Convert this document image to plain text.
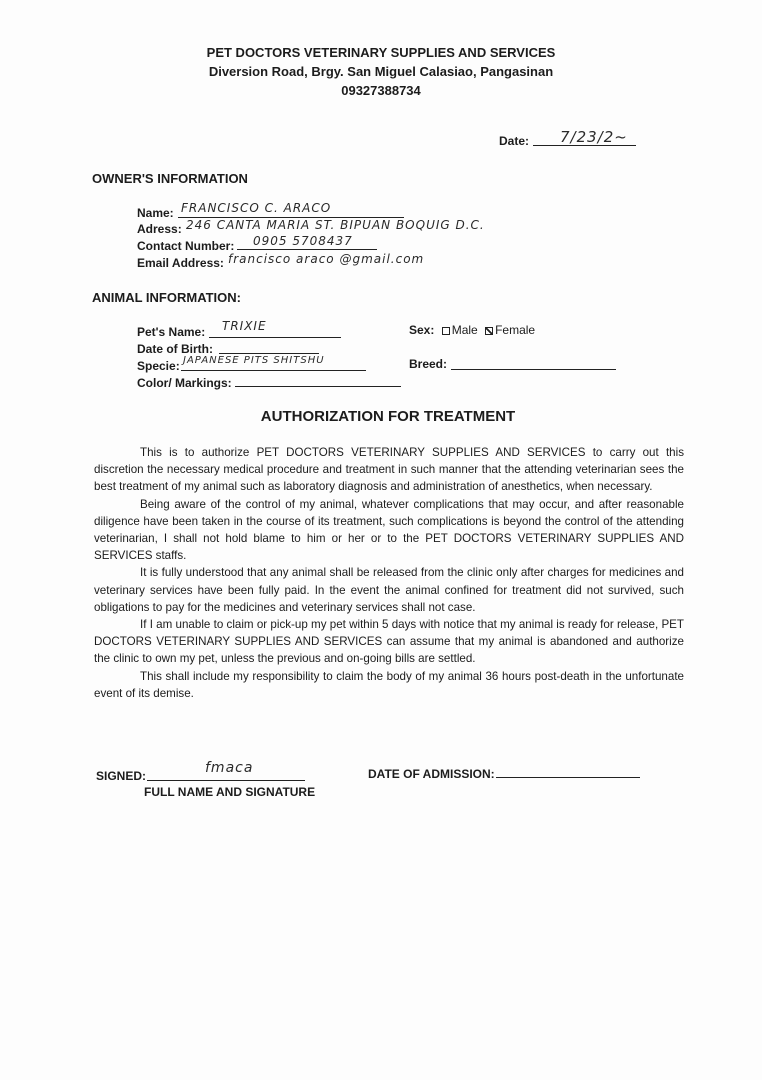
PET DOCTORS VETERINARY SUPPLIES AND SERVICES
Diversion Road, Brgy. San Miguel Calasiao, Pangasinan
09327388734
Date: 7/23/2~
OWNER'S INFORMATION
Name: FRANCISCO C. ARACO
Adress: 246 CANTA MARIA ST. BIPUAN BOQUIG D.C.
Contact Number: 0905 5708437
Email Address: francisco araco @gmail.com
ANIMAL INFORMATION:
Pet's Name: TRIXIE	Sex: Male Female
Date of Birth:
Specie: JAPANESE PITS SHITSHU	Breed:
Color/ Markings:
AUTHORIZATION FOR TREATMENT

This is to authorize PET DOCTORS VETERINARY SUPPLIES AND SERVICES to carry out this discretion the necessary medical procedure and treatment in such manner that the attending veterinarian sees the best treatment of my animal such as laboratory diagnosis and administration of anesthetics, when necessary.

Being aware of the control of my animal, whatever complications that may occur, and after reasonable diligence have been taken in the course of its treatment, such complications is beyond the control of the attending veterinarian, I shall not hold blame to him or her or to the PET DOCTORS VETERINARY SUPPLIES AND SERVICES staffs.

It is fully understood that any animal shall be released from the clinic only after charges for medicines and veterinary services have been fully paid. In the event the animal confined for treatment did not survived, such obligations to pay for the medicines and veterinary services shall not case.

If I am unable to claim or pick-up my pet within 5 days with notice that my animal is ready for release, PET DOCTORS VETERINARY SUPPLIES AND SERVICES can assume that my animal is abandoned and authorize the clinic to own my pet, unless the previous and on-going bills are settled.

This shall include my responsibility to claim the body of my animal 36 hours post-death in the unfortunate event of its demise.

SIGNED:	fmaca
FULL NAME AND SIGNATURE
DATE OF ADMISSION:
